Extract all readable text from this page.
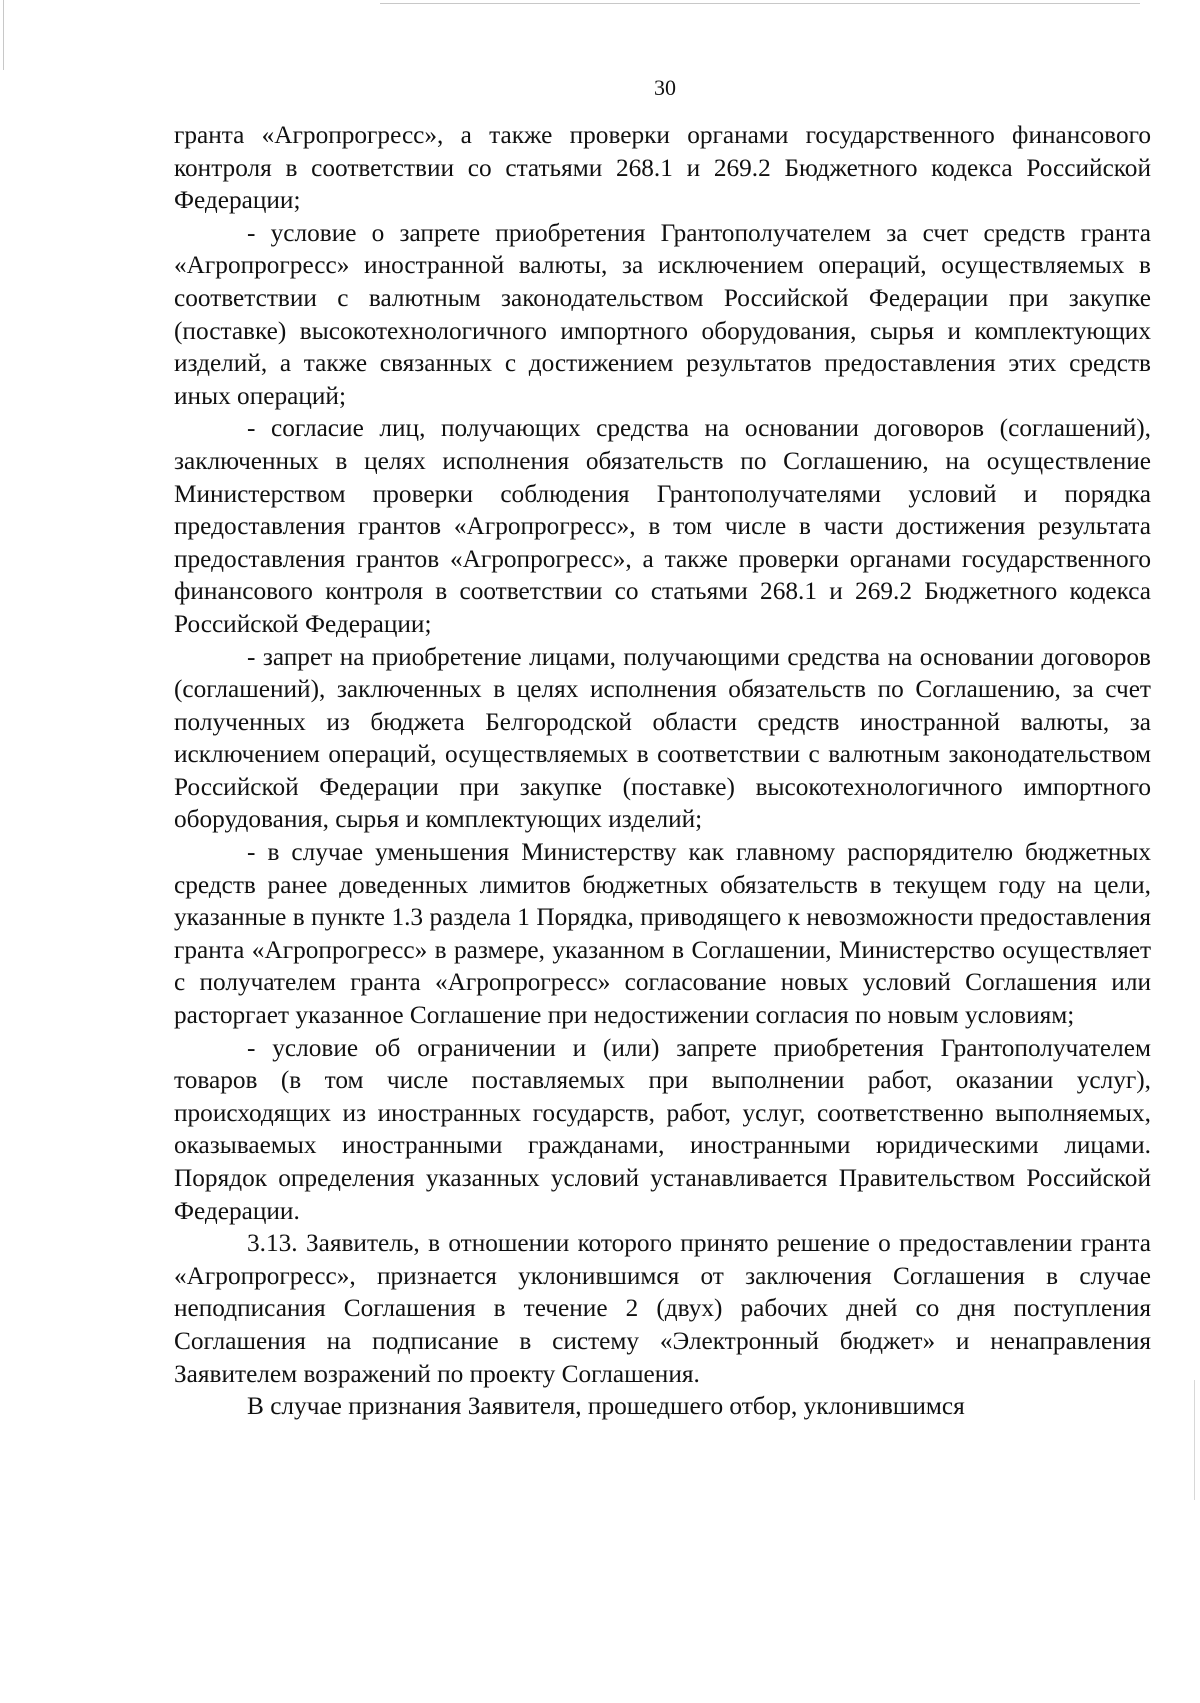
30

гранта «Агропрогресс», а также проверки органами государственного финансового контроля в соответствии со статьями 268.1 и 269.2 Бюджетного кодекса Российской Федерации;

- условие о запрете приобретения Грантополучателем за счет средств гранта «Агропрогресс» иностранной валюты, за исключением операций, осуществляемых в соответствии с валютным законодательством Российской Федерации при закупке (поставке) высокотехнологичного импортного оборудования, сырья и комплектующих изделий, а также связанных с достижением результатов предоставления этих средств иных операций;

- согласие лиц, получающих средства на основании договоров (соглашений), заключенных в целях исполнения обязательств по Соглашению, на осуществление Министерством проверки соблюдения Грантополучателями условий и порядка предоставления грантов «Агропрогресс», в том числе в части достижения результата предоставления грантов «Агропрогресс», а также проверки органами государственного финансового контроля в соответствии со статьями 268.1 и 269.2 Бюджетного кодекса Российской Федерации;

- запрет на приобретение лицами, получающими средства на основании договоров (соглашений), заключенных в целях исполнения обязательств по Соглашению, за счет полученных из бюджета Белгородской области средств иностранной валюты, за исключением операций, осуществляемых в соответствии с валютным законодательством Российской Федерации при закупке (поставке) высокотехнологичного импортного оборудования, сырья и комплектующих изделий;

- в случае уменьшения Министерству как главному распорядителю бюджетных средств ранее доведенных лимитов бюджетных обязательств в текущем году на цели, указанные в пункте 1.3 раздела 1 Порядка, приводящего к невозможности предоставления гранта «Агропрогресс» в размере, указанном в Соглашении, Министерство осуществляет с получателем гранта «Агропрогресс» согласование новых условий Соглашения или расторгает указанное Соглашение при недостижении согласия по новым условиям;

- условие об ограничении и (или) запрете приобретения Грантополучателем товаров (в том числе поставляемых при выполнении работ, оказании услуг), происходящих из иностранных государств, работ, услуг, соответственно выполняемых, оказываемых иностранными гражданами, иностранными юридическими лицами. Порядок определения указанных условий устанавливается Правительством Российской Федерации.

3.13. Заявитель, в отношении которого принято решение о предоставлении гранта «Агропрогресс», признается уклонившимся от заключения Соглашения в случае неподписания Соглашения в течение 2 (двух) рабочих дней со дня поступления Соглашения на подписание в систему «Электронный бюджет» и ненаправления Заявителем возражений по проекту Соглашения.

В случае признания Заявителя, прошедшего отбор, уклонившимся
